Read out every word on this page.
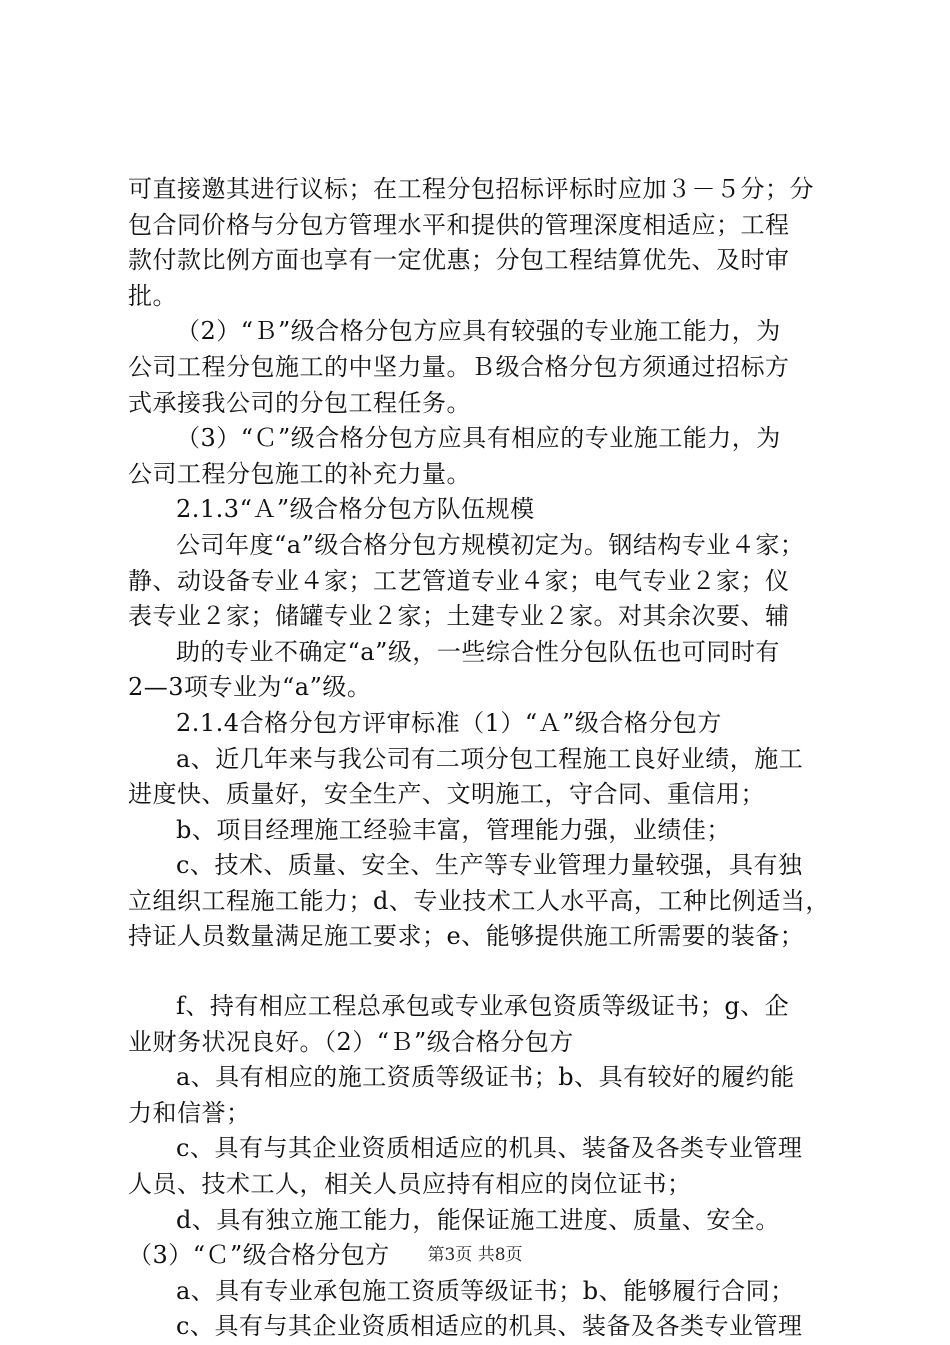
可直接邀其进行议标；在工程分包招标评标时应加３－５分；分
包合同价格与分包方管理水平和提供的管理深度相适应；工程
款付款比例方面也享有一定优惠；分包工程结算优先、及时审
批。
（2）“Ｂ”级合格分包方应具有较强的专业施工能力，为
公司工程分包施工的中坚力量。Ｂ级合格分包方须通过招标方
式承接我公司的分包工程任务。
（3）“Ｃ”级合格分包方应具有相应的专业施工能力，为
公司工程分包施工的补充力量。
2.1.3“Ａ”级合格分包方队伍规模
公司年度“a”级合格分包方规模初定为。钢结构专业４家；
静、动设备专业４家；工艺管道专业４家；电气专业２家；仪
表专业２家；储罐专业２家；土建专业２家。对其余次要、辅
助的专业不确定“a”级，一些综合性分包队伍也可同时有
2—3项专业为“a”级。
2.1.4合格分包方评审标准（1）“Ａ”级合格分包方
a、近几年来与我公司有二项分包工程施工良好业绩，施工
进度快、质量好，安全生产、文明施工，守合同、重信用；
b、项目经理施工经验丰富，管理能力强，业绩佳；
c、技术、质量、安全、生产等专业管理力量较强，具有独
立组织工程施工能力；d、专业技术工人水平高，工种比例适当，
持证人员数量满足施工要求；e、能够提供施工所需要的装备；
f、持有相应工程总承包或专业承包资质等级证书；g、企
业财务状况良好。（2）“Ｂ”级合格分包方
a、具有相应的施工资质等级证书；b、具有较好的履约能
力和信誉；
c、具有与其企业资质相适应的机具、装备及各类专业管理
人员、技术工人，相关人员应持有相应的岗位证书；
d、具有独立施工能力，能保证施工进度、质量、安全。
（3）“Ｃ”级合格分包方
a、具有专业承包施工资质等级证书；b、能够履行合同；
c、具有与其企业资质相适应的机具、装备及各类专业管理
第3页 共8页
